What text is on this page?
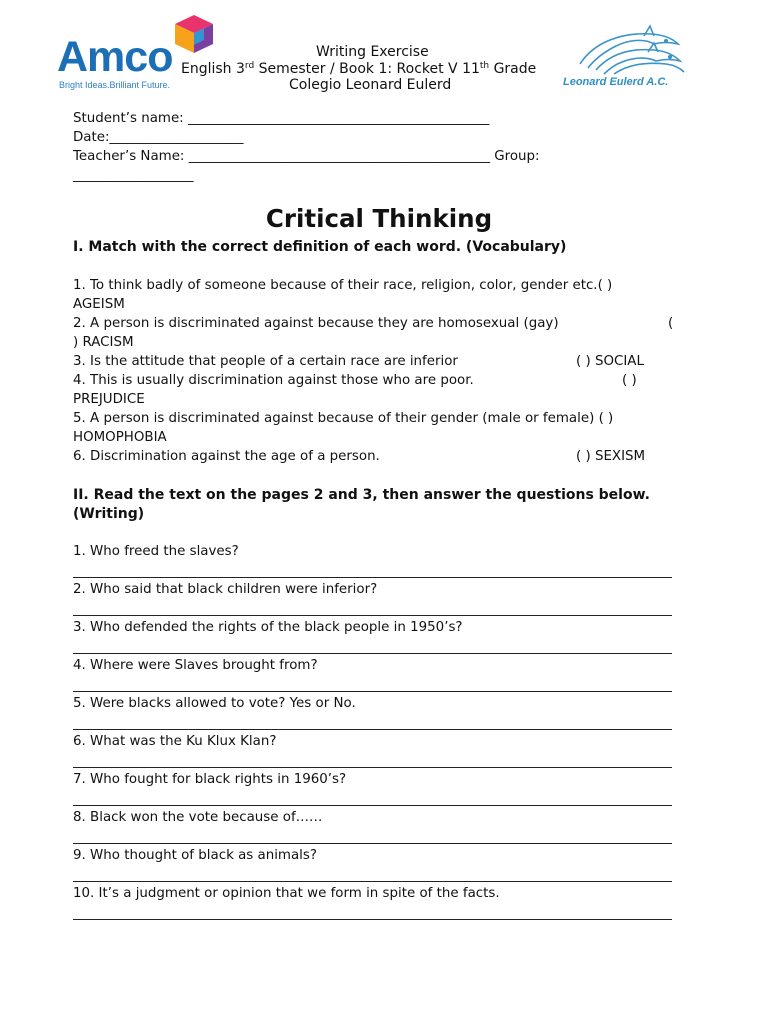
Amco
Bright Ideas.Brilliant Future.	Leonard Eulerd A.C.
Writing Exercise
English 3rd Semester / Book 1: Rocket V 11th Grade
Colegio Leonard Eulerd
Student’s name: _____________________________________________
Date:____________________
Teacher’s Name: _____________________________________________ Group:
__________________
Critical Thinking
I. Match with the correct definition of each word. (Vocabulary)
1. To think badly of someone because of their race, religion, color, gender etc.( )
AGEISM
2. A person is discriminated against because they are homosexual (gay)	(
) RACISM
3. Is the attitude that people of a certain race are inferior	( ) SOCIAL
4. This is usually discrimination against those who are poor.	( )
PREJUDICE
5. A person is discriminated against because of their gender (male or female) ( )
HOMOPHOBIA
6. Discrimination against the age of a person.	( ) SEXISM
II. Read the text on the pages 2 and 3, then answer the questions below.
(Writing)
1. Who freed the slaves?
2. Who said that black children were inferior?
3. Who defended the rights of the black people in 1950’s?
4. Where were Slaves brought from?
5. Were blacks allowed to vote? Yes or No.
6. What was the Ku Klux Klan?
7. Who fought for black rights in 1960’s?
8. Black won the vote because of……
9. Who thought of black as animals?
10. It’s a judgment or opinion that we form in spite of the facts.
